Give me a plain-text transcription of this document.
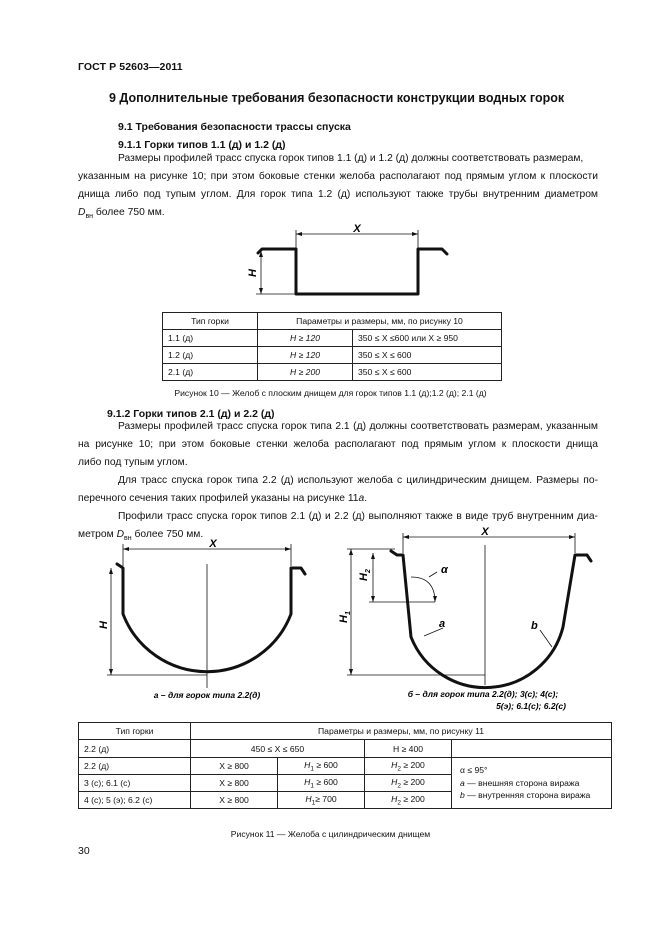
ГОСТ Р 52603—2011
9 Дополнительные требования безопасности конструкции водных горок
9.1 Требования безопасности трассы спуска
9.1.1 Горки типов 1.1 (д) и 1.2 (д)

Размеры профилей трасс спуска горок типов 1.1 (д) и 1.2 (д) должны соответствовать размерам,

указанным на рисунке 10; при этом боковые стенки желоба располагают под прямым углом к плоскости
днища либо под тупым углом. Для горок типа 1.2 (д) используют также трубы внутренним диаметром
$D_{вн}$ более 750 мм.
X
H
Тип горки	Параметры и размеры, мм, по рисунку 10	
1.1 (д)	H ≥ 120	350 ≤ X ≤600 или X ≥ 950
1.2 (д)	H ≥ 120	350 ≤ X ≤ 600
2.1 (д)	H ≥ 200	350 ≤ X ≤ 600
Рисунок 10 — Желоб с плоским днищем для горок типов 1.1 (д);1.2 (д); 2.1 (д)
9.1.2 Горки типов 2.1 (д) и 2.2 (д)
Размеры профилей трасс спуска горок типа 2.1 (д) должны соответствовать размерам, указанным
на рисунке 10; при этом боковые стенки желоба располагают под прямым углом к плоскости днища
либо под тупым углом.
Для трасс спуска горок типа 2.2 (д) используют желоба с цилиндрическим днищем. Размеры по-
перечного сечения таких профилей указаны на рисунке 11а.
Профили трасс спуска горок типов 2.1 (д) и 2.2 (д) выполняют также в виде труб внутренним диа-
метром $D_{вн}$ более 750 мм.
X
H
а – для горок типа 2.2(д)
X
$H_1$
$H_2$	α
а	b
б – для горок типа 2.2(д); 3(с); 4(с);
5(э); 6.1(с); 6.2(с)
Тип горки	Параметры и размеры, мм, по рисунку 11			
2.2 (д)	450 ≤ X ≤ 650		H ≥ 400	
2.2 (д)	X ≥ 800	$H_1 \ge 600$	$H_2 \ge 200$	α ≤ 95°
а — внешняя сторона виража
b — внутренняя сторона виража

3 (с); 6.1 (с)	X ≥ 800	$H_1 \ge 600$	$H_2 \ge 200$	
4 (с); 5 (э); 6.2 (с)	X ≥ 800	$H_1\ge 700$	$H_2 \ge 200$	
Рисунок 11 — Желоба с цилиндрическим днищем
30
